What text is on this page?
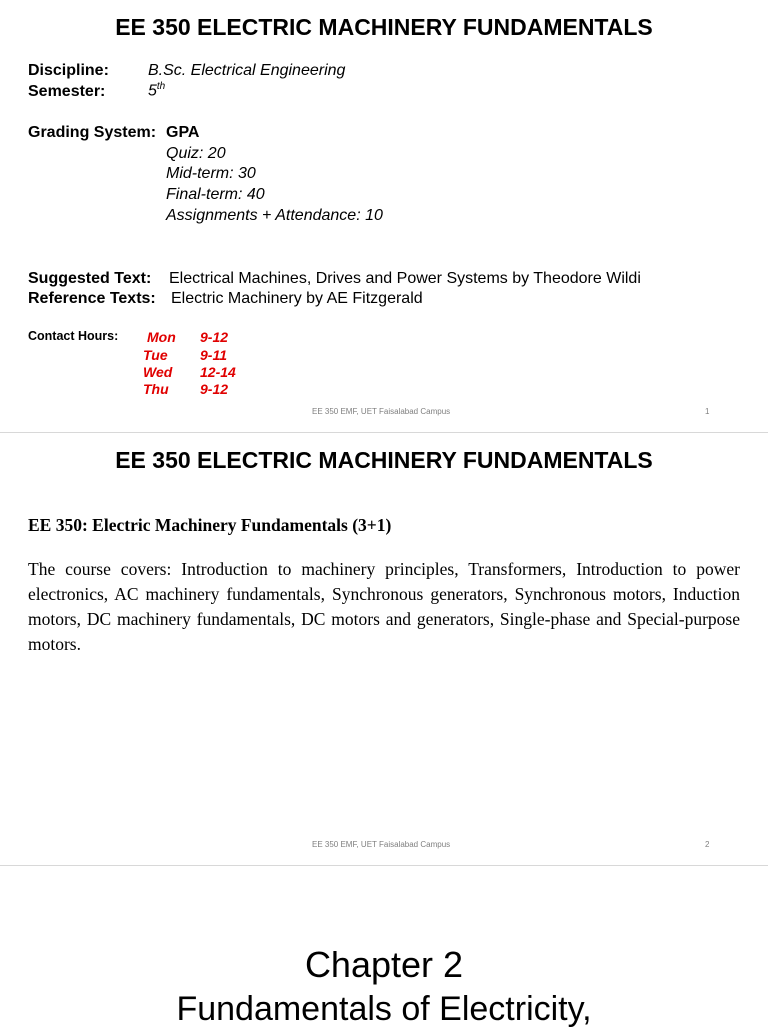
EE 350 ELECTRIC MACHINERY FUNDAMENTALS
Discipline: B.Sc. Electrical Engineering
Semester:	5th
Grading System: GPA
Quiz: 20
Mid-term: 30
Final-term: 40
Assignments + Attendance: 10
Suggested Text: Electrical Machines, Drives and Power Systems by Theodore Wildi
Reference Texts: Electric Machinery by AE Fitzgerald
Contact Hours: Mon 9-12
Tue 9-11
Wed 12-14
Thu 9-12
EE 350 EMF, UET Faisalabad Campus	1
EE 350 ELECTRIC MACHINERY FUNDAMENTALS
EE 350: Electric Machinery Fundamentals (3+1)
The course covers: Introduction to machinery principles, Transformers, Introduction to power electronics, AC machinery fundamentals, Synchronous generators, Synchronous motors, Induction motors, DC machinery fundamentals, DC motors and generators, Single-phase and Special-purpose motors.
EE 350 EMF, UET Faisalabad Campus	2
Chapter 2
Fundamentals of Electricity,
